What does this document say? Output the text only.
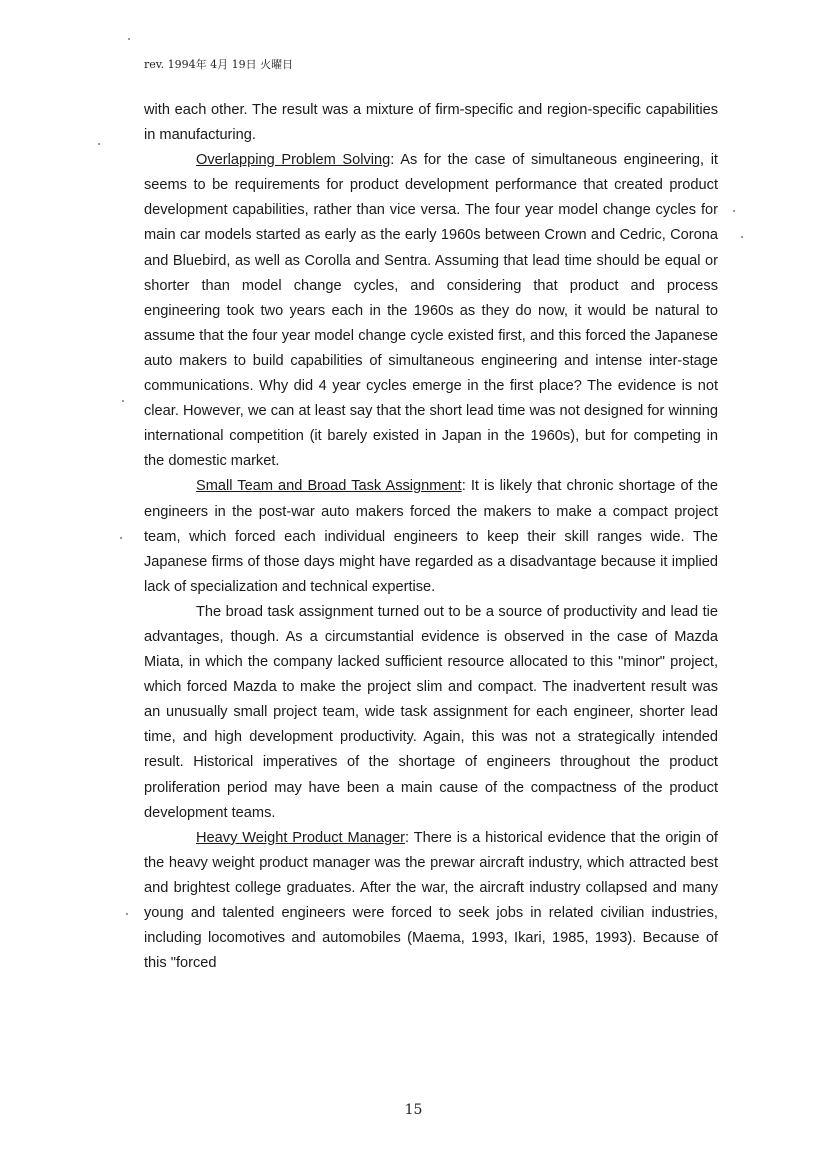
rev. 1994年 4月 19日 火曜日

with each other. The result was a mixture of firm-specific and region-specific capabilities in manufacturing.

Overlapping Problem Solving: As for the case of simultaneous engineering, it seems to be requirements for product development performance that created product development capabilities, rather than vice versa. The four year model change cycles for main car models started as early as the early 1960s between Crown and Cedric, Corona and Bluebird, as well as Corolla and Sentra. Assuming that lead time should be equal or shorter than model change cycles, and considering that product and process engineering took two years each in the 1960s as they do now, it would be natural to assume that the four year model change cycle existed first, and this forced the Japanese auto makers to build capabilities of simultaneous engineering and intense inter-stage communications. Why did 4 year cycles emerge in the first place? The evidence is not clear. However, we can at least say that the short lead time was not designed for winning international competition (it barely existed in Japan in the 1960s), but for competing in the domestic market.

Small Team and Broad Task Assignment: It is likely that chronic shortage of the engineers in the post-war auto makers forced the makers to make a compact project team, which forced each individual engineers to keep their skill ranges wide. The Japanese firms of those days might have regarded as a disadvantage because it implied lack of specialization and technical expertise.

The broad task assignment turned out to be a source of productivity and lead tie advantages, though. As a circumstantial evidence is observed in the case of Mazda Miata, in which the company lacked sufficient resource allocated to this "minor" project, which forced Mazda to make the project slim and compact. The inadvertent result was an unusually small project team, wide task assignment for each engineer, shorter lead time, and high development productivity. Again, this was not a strategically intended result. Historical imperatives of the shortage of engineers throughout the product proliferation period may have been a main cause of the compactness of the product development teams.

Heavy Weight Product Manager: There is a historical evidence that the origin of the heavy weight product manager was the prewar aircraft industry, which attracted best and brightest college graduates. After the war, the aircraft industry collapsed and many young and talented engineers were forced to seek jobs in related civilian industries, including locomotives and automobiles (Maema, 1993, Ikari, 1985, 1993). Because of this "forced

15
